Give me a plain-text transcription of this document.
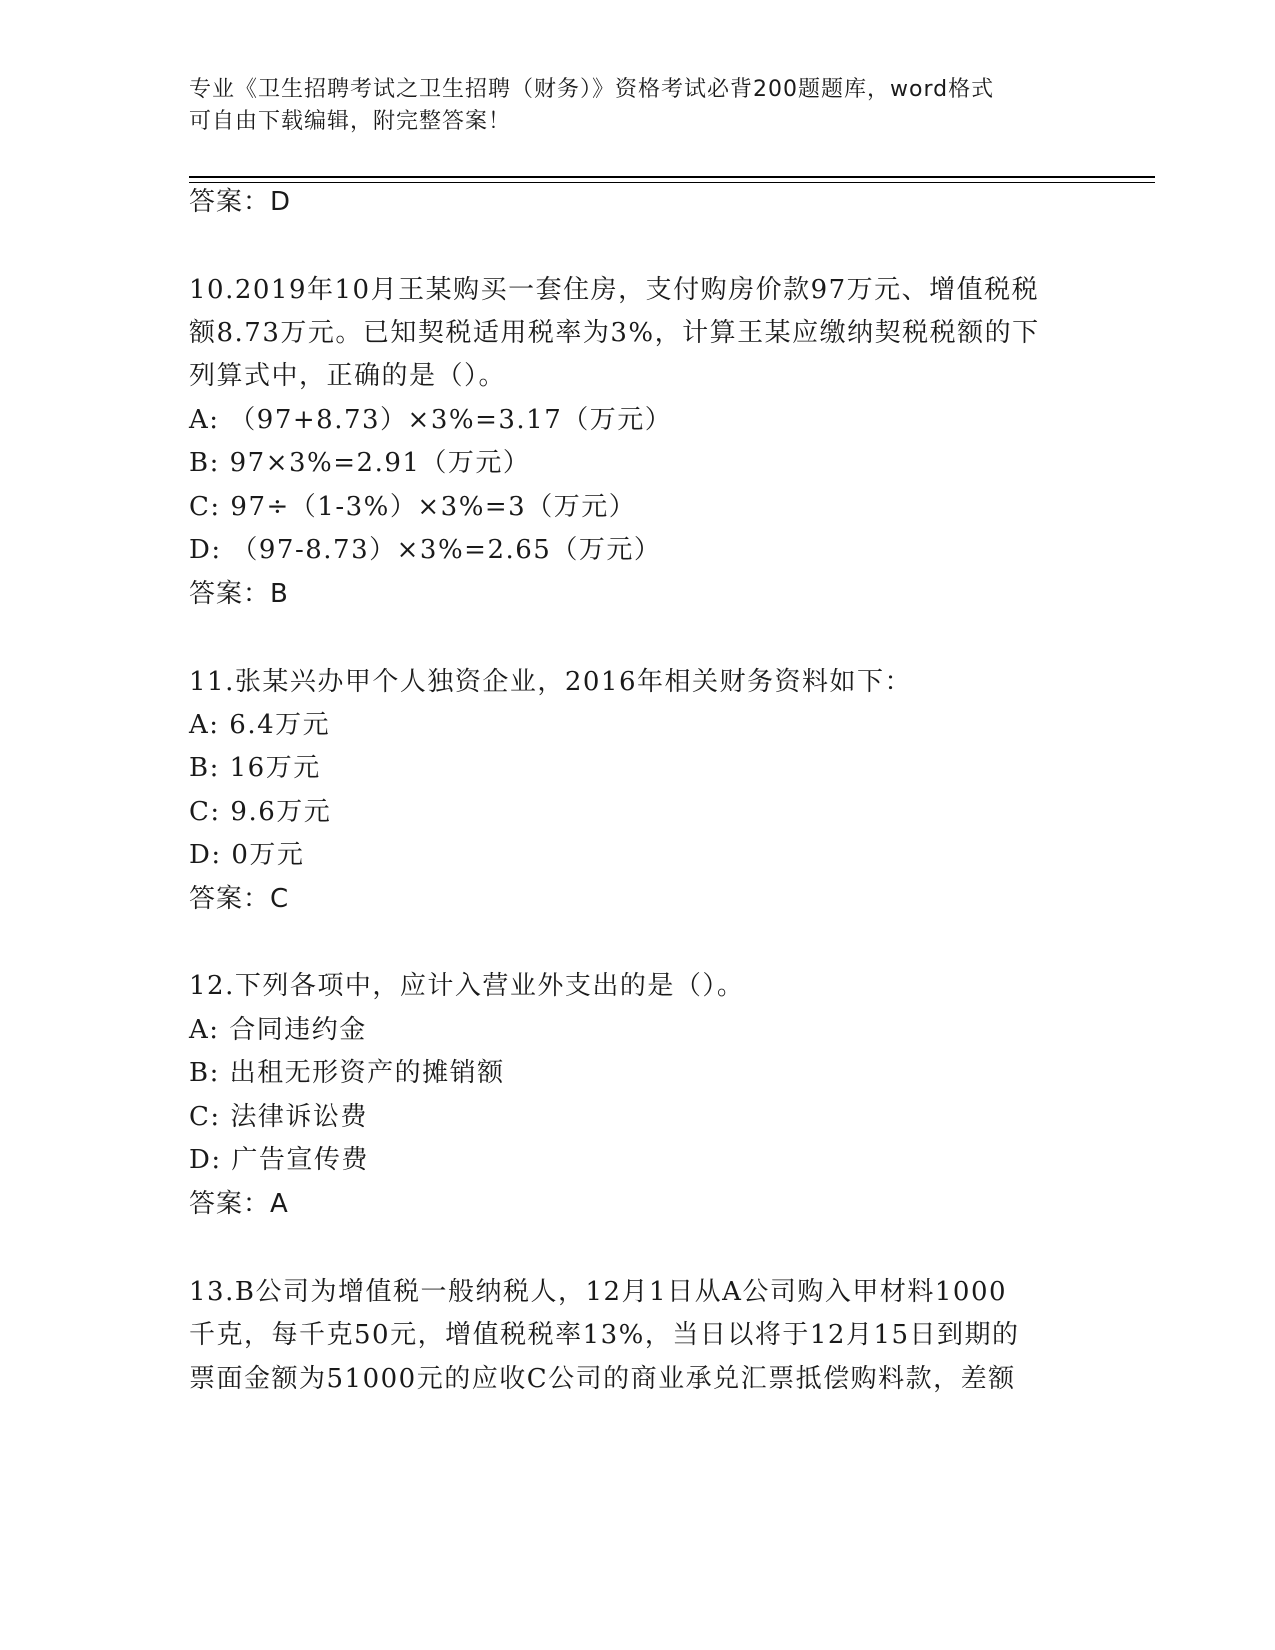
专业《卫生招聘考试之卫生招聘（财务）》资格考试必背200题题库，word格式
可自由下载编辑，附完整答案！
答案：D
10.2019年10月王某购买一套住房，支付购房价款97万元、增值税税
额8.73万元。已知契税适用税率为3%，计算王某应缴纳契税税额的下
列算式中，正确的是（）。
A: （97+8.73）×3%=3.17（万元）
B: 97×3%=2.91（万元）
C: 97÷（1-3%）×3%=3（万元）
D: （97-8.73）×3%=2.65（万元）
答案：B
11.张某兴办甲个人独资企业，2016年相关财务资料如下：
A: 6.4万元
B: 16万元
C: 9.6万元
D: 0万元
答案：C
12.下列各项中，应计入营业外支出的是（）。
A: 合同违约金
B: 出租无形资产的摊销额
C: 法律诉讼费
D: 广告宣传费
答案：A
13.B公司为增值税一般纳税人，12月1日从A公司购入甲材料1000
千克，每千克50元，增值税税率13%，当日以将于12月15日到期的
票面金额为51000元的应收C公司的商业承兑汇票抵偿购料款，差额
